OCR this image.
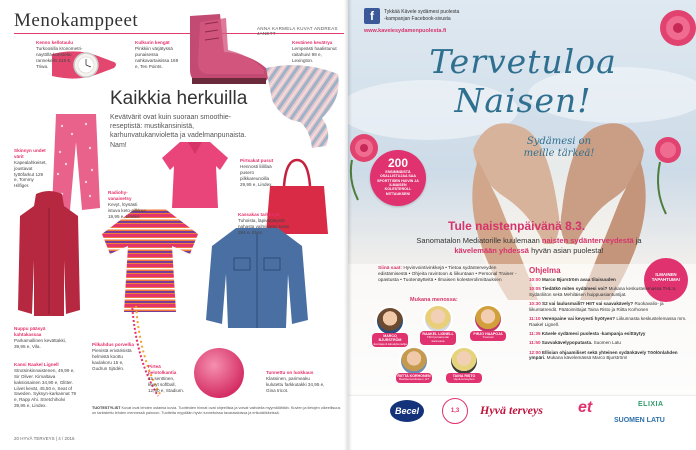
Menokamppeet	ANNA KARMELA KUVAT ANDREAS JANETT
Kaikkia herkuilla
Kevätvärit ovat kuin suoraan smoothie-reseptistä: mustikansinistä, karhunvatukanvioletta ja vadelmanpunaista. Nam!
Kenno kellotaulu
Turkoosilla kronometri-naytöllä koristeltu rannekello 215 €, Triwa.
Kulkurin kengät
Pinkkiin värjätyssä punaisessa nahkavartaisissa 169 e, Ten Points.
Keväinen kevätrya
Lempeästi haalistunut raitahuivi 98 e, Lexington.
Skinnyn undet värit
Kapealahkeiset, joustavat tyttöfarkut 129 e, Tommy Hilfiger.
Pirtsakat pusut
Hennosti liilillaä pusero pilkkareunoilla 29,95 e, Lindex.
Radiohy-vanaisetsy
Kevyt, löysästi istuva keto-nilkkaa 19,95 e, Lindex.	Kassakas tarkkojat
Tuhoista, läpivärjätystä nahasta valmistettu kassi 284 e, Elvis.
Nuppu pääsyä kahtakassaa
Parkamallinen kevättakki, 39,95 e, Vila.	Pilkahdus porvellia
Pienistä erivärisistä helmistä koottu kaulakoru 15 e, Gudrun Sjödén.	Pirteä pelotolkantia
15 senttinen, kevyt softball, 12,90 e, Stadium.
Tunnettu on luokkaus
Klassinen, parimeaku kulutettu farkkutakki 34,95 e, Gina tricot.
Kansi Raakel Lignell
Strutsinkinnaistenen, 49,99 e, Sir Oliver. Kimaltava kaksiosainen 34,90 e, Glitter. Liivet kevät, 45,50 e, Seat of Sweden. Syksyn-karkannat 79 e, Rapp Ahi. Stretchiholvi 39,95 e, Lindex.	TUOTESTYLIST Kuvat ovat lehden ostamia kuvia. Tuotteiden hinnat ovat ohjeellisia ja voivat vaihdella myymälöittäin. Kuvien ja tietojen oikeellisuus on tarkistettu lehden mennessä painoon. Tuotteita myydään hyvin tunnetuissa tavarataloissa ja erikoisliikkeissä.
20 HYVÄ TERVEYS | 4 / 2016
f	Tykkää Kävele sydämesi puolesta
-kampanjan Facebook-sivusta
www.kaveiesydamenpuolesta.fi
Tervetuloa Naisen!
200
ENSIMMÄISTÄ OSALLISTUJAA SAA SPORTTISEN HUIVIN JA ILMAISEN KOLESTEROLI-MITTAUKSEN!
Sydämesi on
meille tärkeä!
Tule naistenpäivänä 8.3.
Sanomatalon Mediatorille kuulemaan naisten sydänterveydestä ja kävelemään yhdessä hyvän asian puolesta!
ILMAINEN TAPAHTUMA!
Siinä saat: Hyvinvointivinkkejä • Tietoa sydänterveyden edistämisestä • Ohjeita ravintoon & liikuntaan • Personal Trainer -opastusta • Tuotenäytteitä • Ilmaisen kolesterolimittauksen
Mukana menossa:
MARCO BJURSTRÖM
Juontaja & kävelykonelija
RAAKEL LIGNELL
Tähti ja kameran kannessa
PIRJO HAAPOJA
Tuomari
RIITTA KORHONEN
Ravitsemustieteen, ET
TAINA RISTO
Hyvä terveyden
Ohjelma
10:00 Marco Bjurström avaa tilaisuuden
10:05 Tiedätkö miten sydämesi voi? Mukana keskustelemassa THL:n, Sydänliiton sekä Mehiläisen huippuasiantuntijat.
10:30 S2 vai laulusmailit? HIIT vai saavakävely? Ruokavalio- ja liikuntatrendit. Päätoimittajat Taina Risto ja Riitta Korhonen
11:10 Verenpaine vai kevyesti hyötyen? Liikunnasta keskustelemassa mm. Raakel Lignell.
11:35 Kävele sydämesi puolesta -kampanja esittäytyy
11:50 Savvakävelypoputasta. Suomen Latu
12:00 Ellisian ohjaamiliset sekä yhteinen sydänkävely Töölönlahden ympäri. Mukana kävelemässä Marco Bjurström!
Becel	1,3	Hyvä terveys et	ELIXIA
SUOMEN LATU
